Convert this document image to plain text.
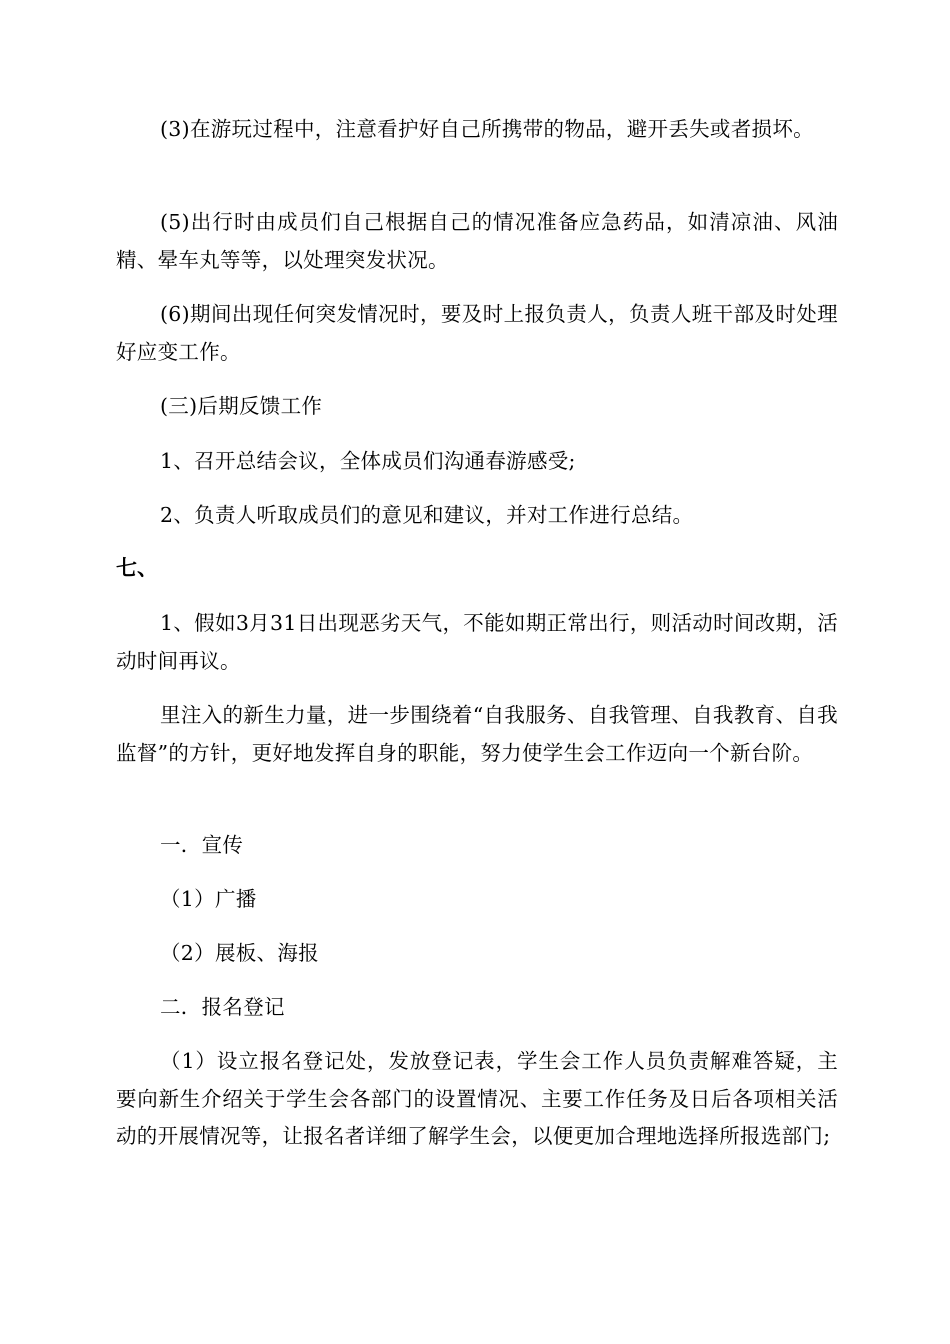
(3)在游玩过程中，注意看护好自己所携带的物品，避开丢失或者损坏。

(5)出行时由成员们自己根据自己的情况准备应急药品，如清凉油、风油精、晕车丸等等，以处理突发状况。

(6)期间出现任何突发情况时，要及时上报负责人，负责人班干部及时处理好应变工作。

(三)后期反馈工作

1、召开总结会议，全体成员们沟通春游感受;

2、负责人听取成员们的意见和建议，并对工作进行总结。

七、

1、假如3月31日出现恶劣天气，不能如期正常出行，则活动时间改期，活动时间再议。

里注入的新生力量，进一步围绕着“自我服务、自我管理、自我教育、自我监督”的方针，更好地发挥自身的职能，努力使学生会工作迈向一个新台阶。

一．宣传

（1）广播

（2）展板、海报

二．报名登记

（1）设立报名登记处，发放登记表，学生会工作人员负责解难答疑，主要向新生介绍关于学生会各部门的设置情况、主要工作任务及日后各项相关活动的开展情况等，让报名者详细了解学生会，以便更加合理地选择所报选部门;
